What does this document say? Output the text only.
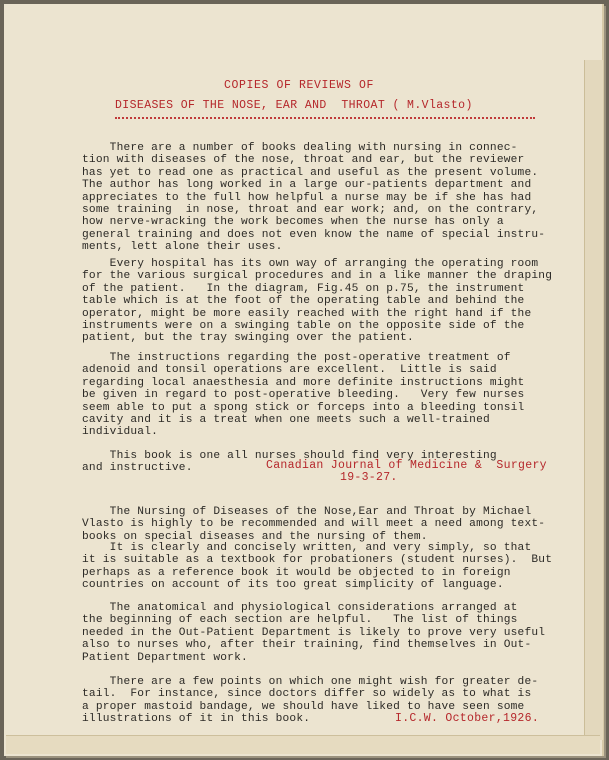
COPIES OF REVIEWS OF
DISEASES OF THE NOSE, EAR AND  THROAT ( M.Vlasto)
There are a number of books dealing with nursing in connec-
tion with diseases of the nose, throat and ear, but the reviewer
has yet to read one as practical and useful as the present volume.
The author has long worked in a large our-patients department and
appreciates to the full how helpful a nurse may be if she has had
some training  in nose, throat and ear work; and, on the contrary,
how nerve-wracking the work becomes when the nurse has only a
general training and does not even know the name of special instru-
ments, lett alone their uses.
Every hospital has its own way of arranging the operating room
for the various surgical procedures and in a like manner the draping
of the patient.   In the diagram, Fig.45 on p.75, the instrument
table which is at the foot of the operating table and behind the
operator, might be more easily reached with the right hand if the
instruments were on a swinging table on the opposite side of the
patient, but the tray swinging over the patient.
The instructions regarding the post-operative treatment of
adenoid and tonsil operations are excellent.  Little is said
regarding local anaesthesia and more definite instructions might
be given in regard to post-operative bleeding.   Very few nurses
seem able to put a spong stick or forceps into a bleeding tonsil
cavity and it is a treat when one meets such a well-trained
individual.
This book is one all nurses should find very interesting
and instructive.
The Nursing of Diseases of the Nose,Ear and Throat by Michael
Vlasto is highly to be recommended and will meet a need among text-
books on special diseases and the nursing of them.
It is clearly and concisely written, and very simply, so that
it is suitable as a textbook for probationers (student nurses).  But
perhaps as a reference book it would be objected to in foreign
countries on account of its too great simplicity of language.
The anatomical and physiological considerations arranged at
the beginning of each section are helpful.   The list of things
needed in the Out-Patient Department is likely to prove very useful
also to nurses who, after their training, find themselves in Out-
Patient Department work.
There are a few points on which one might wish for greater de-
tail.  For instance, since doctors differ so widely as to what is
a proper mastoid bandage, we should have liked to have seen some
illustrations of it in this book.
Canadian Journal of Medicine &  Surgery
19-3-27.
I.C.W. October,1926.
